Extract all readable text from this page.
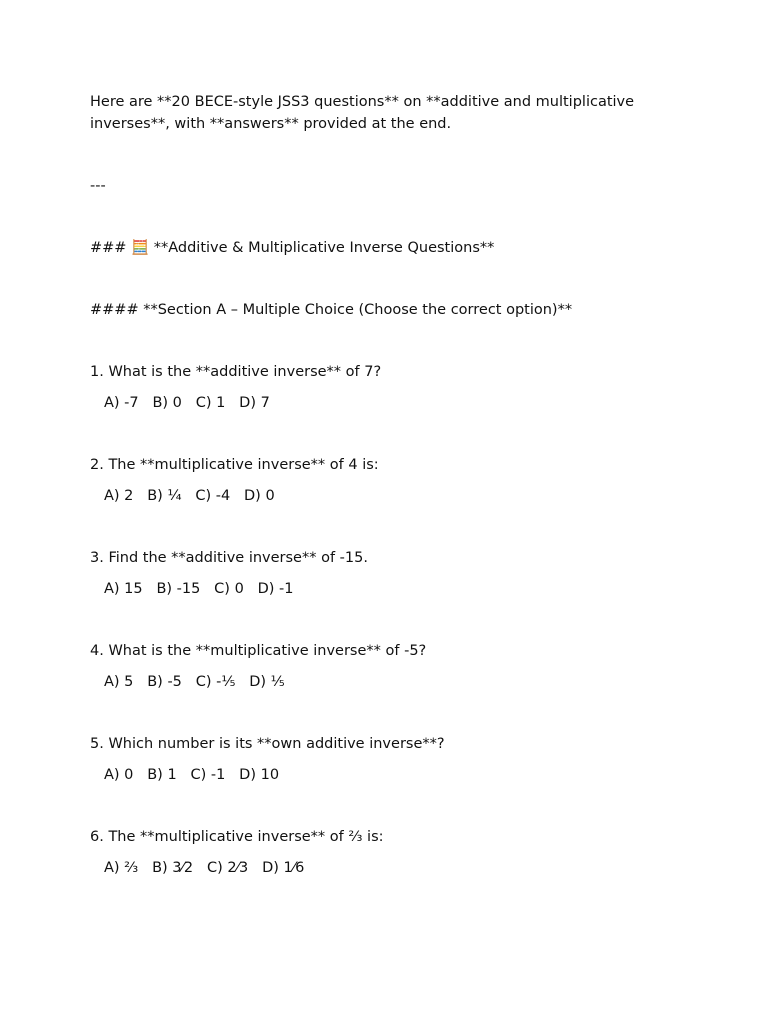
Here are **20 BECE-style JSS3 questions** on **additive and multiplicative inverses**, with **answers** provided at the end.

---

### 🧮 **Additive & Multiplicative Inverse Questions**

#### **Section A – Multiple Choice (Choose the correct option)**

1. What is the **additive inverse** of 7?

A) -7   B) 0   C) 1   D) 7

2. The **multiplicative inverse** of 4 is:

A) 2   B) ¼   C) -4   D) 0

3. Find the **additive inverse** of -15.

A) 15   B) -15   C) 0   D) -1

4. What is the **multiplicative inverse** of -5?

A) 5   B) -5   C) -⅕   D) ⅕

5. Which number is its **own additive inverse**?

A) 0   B) 1   C) -1   D) 10

6. The **multiplicative inverse** of ⅔ is:

A) ⅔   B) 3⁄2   C) 2⁄3   D) 1⁄6
